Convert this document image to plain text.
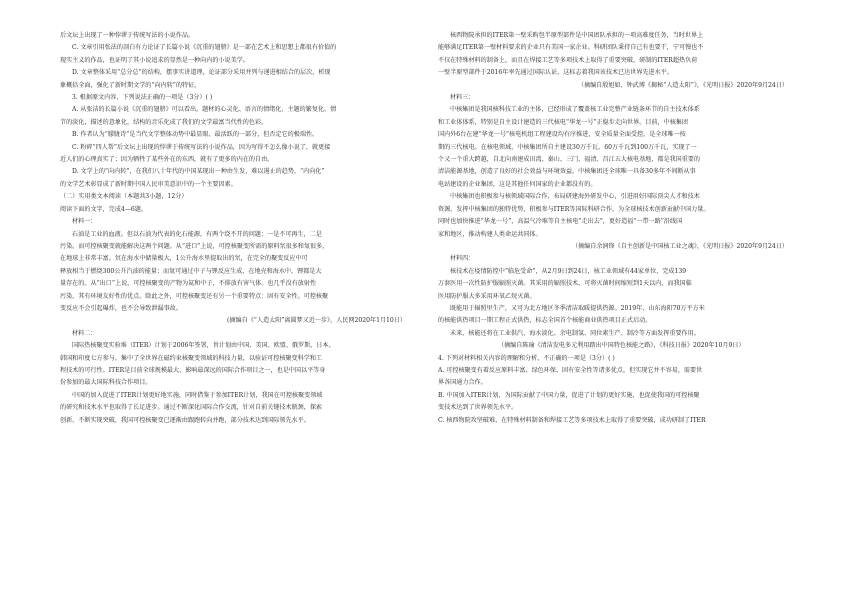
后文坛上出现了一种悖谬于传统写法的小说作品。

C. 文章引用张法的剖白有力论证了长篇小说《沉重的翅膀》是一部在艺术上和思想上都很有价值的

现实主义的作品，也证明了其小说追求的显然是一种向内的小说美学。

D. 文章整体采用“总分总”的结构，摆事实讲道理，论证部分采用并列与递进相结合的层次，析现

象概括全面，强化了新时期文学的“向内转”的特征。

3. 根据原文内容，下列说法正确的一项是（3分）( )

A. 从张洁的长篇小说《沉重的翅膀》可以看出，题材的心灵化、语言的情绪化、主题的繁复化、情

节的淡化，描述的意象化，结构的音乐化成了我们的文学最富当代性的色彩。

B. 作者认为“朦胧诗”是当代文学整体动势中最显眼、最活跃的一部分，但否定它的极端性。

C. 粉碎“四人帮”后文坛上出现的悖谬于传统写法的小说作品，因为写得不怎么像小说了，就更接

近人们的心理真实了；因为牺牲了某些外在的东西，就有了更多的内在的自由。

D. 文学上的“向内转”，在我们八十年代的中国某现出一种由生发，难以遏止的趋势，“内向化”

的文学艺术彰显成了新时期中国人民审美意识中的一个主要因素。

（二）实用类文本阅读（本题共3小题，12分）

阅读下面的文字，完成4—6题。

材料一：

石油是工业的血液。但以石油为代表的化石能源，有两个绕不开的问题：一是不可再生，二是

污染。而可控核聚变就能解决这两个问题。从“进口”上说，可控核聚变所需的原料氘很多和氚很多，

在地球上非常丰富。氘在海水中储量极大，1公升海水里提取出的氘，在完全的聚变反应中可

释放相当于燃烧300公升汽油的能量；而氚可通过中子与锂反应生成，在地壳和海水中，锂都是大

量存在的。从“出口”上说，可控核聚变的产物为氦和中子，不排放有害气体。也几乎没有放射性

污染，其有环境友好性的优点。除此之外，可控核聚变还有另一个重要特点：固有安全性。可控核聚

变反应不会引起爆炸，也不会导致泄漏事故。

(摘编自《“人造太阳”离圆梦又近一步》，人民网2020年1月10日）

材料二：

国际热核聚变实验堆（ITER）计划于2006年签署，旨计划由中国、美国、欧盟、俄罗斯、日本、

韩国和印度七方参与。集中了全世界在磁约束核聚变领域的科技力量，以验证可控核聚变科学和工

程技术的可行性。ITER是目前全球规模最大、影响最深远的国际合作项目之一，也是中国以平等身

份参加的最大国际科技合作项目。

中国的加入促进了ITER计划更好地实施，同时借鉴于参加ITER计划，我国在可控核聚变领域

的研究和技术水平也取得了长足进步。通过不断深化国际合作交流，针对自前关键技术瓶颈，探索

创新，不断实现突破，我国可控核聚变已逐渐由跟跑转向并跑，部分技术达到国际领先水平。

核西物院承担的ITER第一壁采购包半原型部件是中国团队承担的一项高难度任务，当时世界上

能够满足ITER第一壁材料要求的企业只有美国一家企业。科研团队秉持自己有也要干，宁可慢也不

不仅在特殊材料的制备上，而且在焊接工艺等多项技术上取得了重要突破，研制的ITER超热负荷

一壁半原型部件于2016年率先通过国际认证，这标志着我国该技术已达世界先进水平。

（摘编自殷旭如、钟武博《揭秘“人造太阳”》，《光明日报》2020年9月24日）

材料三：

中核集团是我国核科技工业的主体，已经形成了覆盖核工业完整产业链条环节的自主技术体系

和工业体体系，特别是自主设计建造的三代核电“华龙一号”正稳步走向世界。目前，中核集团

国内外6台在建“华龙一号”核电机组工程建设均有序推进，安全质量全面受控，是全球唯一按

期的三代核电。在核电领域，中核集团所自主建设30万千瓦、60万千瓦到100万千瓦，实现了一

个又一个重大跨越，自北向南建成田湾、秦山、三门、福清、昌江五大核电基地，都是我国重要的

清洁能源基地，创造了良好的社会效益与环境效益。中核集团还全球唯一具备30多年不间断从事

电站建设的企业集团，这是其他任何国家的企业都没有的。

中核集团也积极参与核领域国际合作，布局研建海外研发中心，引进用好国际顶尖人才和技术

资源，发挥中核集团的独特优势，积极参与ITER等国际科研合作，为全球核技术创新贡献中国力量。

同时也加快推进“华龙一号”、高温气冷堆等自主核电“走出去”，更好造福“一带一路”沿线国

家和地区，推动构建人类命运共同体。

（摘编自余润锋《自主创新是中国核工业之魂》，《光明日报》2020年9月24日）

材料四：

核技术在疫情防控中“临危受命”，从2月9日到24日，核工业领域有44家单位，完成139

万套医用一次性防护服辐照灭菌。其采用的辐照技术，可将灭菌时间缩短到1天以内，而我国临

医用防护服大多采用环氧乙烷灭菌。

既能用于辐照里生产，又可为北方地区冬季清洁取暖提供热源。2019年，山东海阳70万平方米

的核能供热项目一期工程正式供热，标志全国首个核能商业供热项目正式启动。

未来，核能还将在工业供汽、海水淡化、余电制氢、同位素生产、制冷等方面发挥重要作用。

（摘编自陈瑜《清洁发电多元利用踏出中国特色核能之路》，《科技日报》2020年10月9日）

4. 下列对材料相关内容的理解和分析，不正确的一项是（3分）( )

A. 可控核聚变有着反应原料丰富、绿色环保、固有安全性等诸多优点，但实现它并不容易，需要世

界各国通力合作。

B. 中国加入ITER计划，为国际贡献了中国力量，促进了计划的更好实施，也促使我国的可控核聚

变技术达到了世界领先水平。

C. 核西物院攻坚破难，在特殊材料制备和焊接工艺等多项技术上取得了重要突破，成功研制了ITER
